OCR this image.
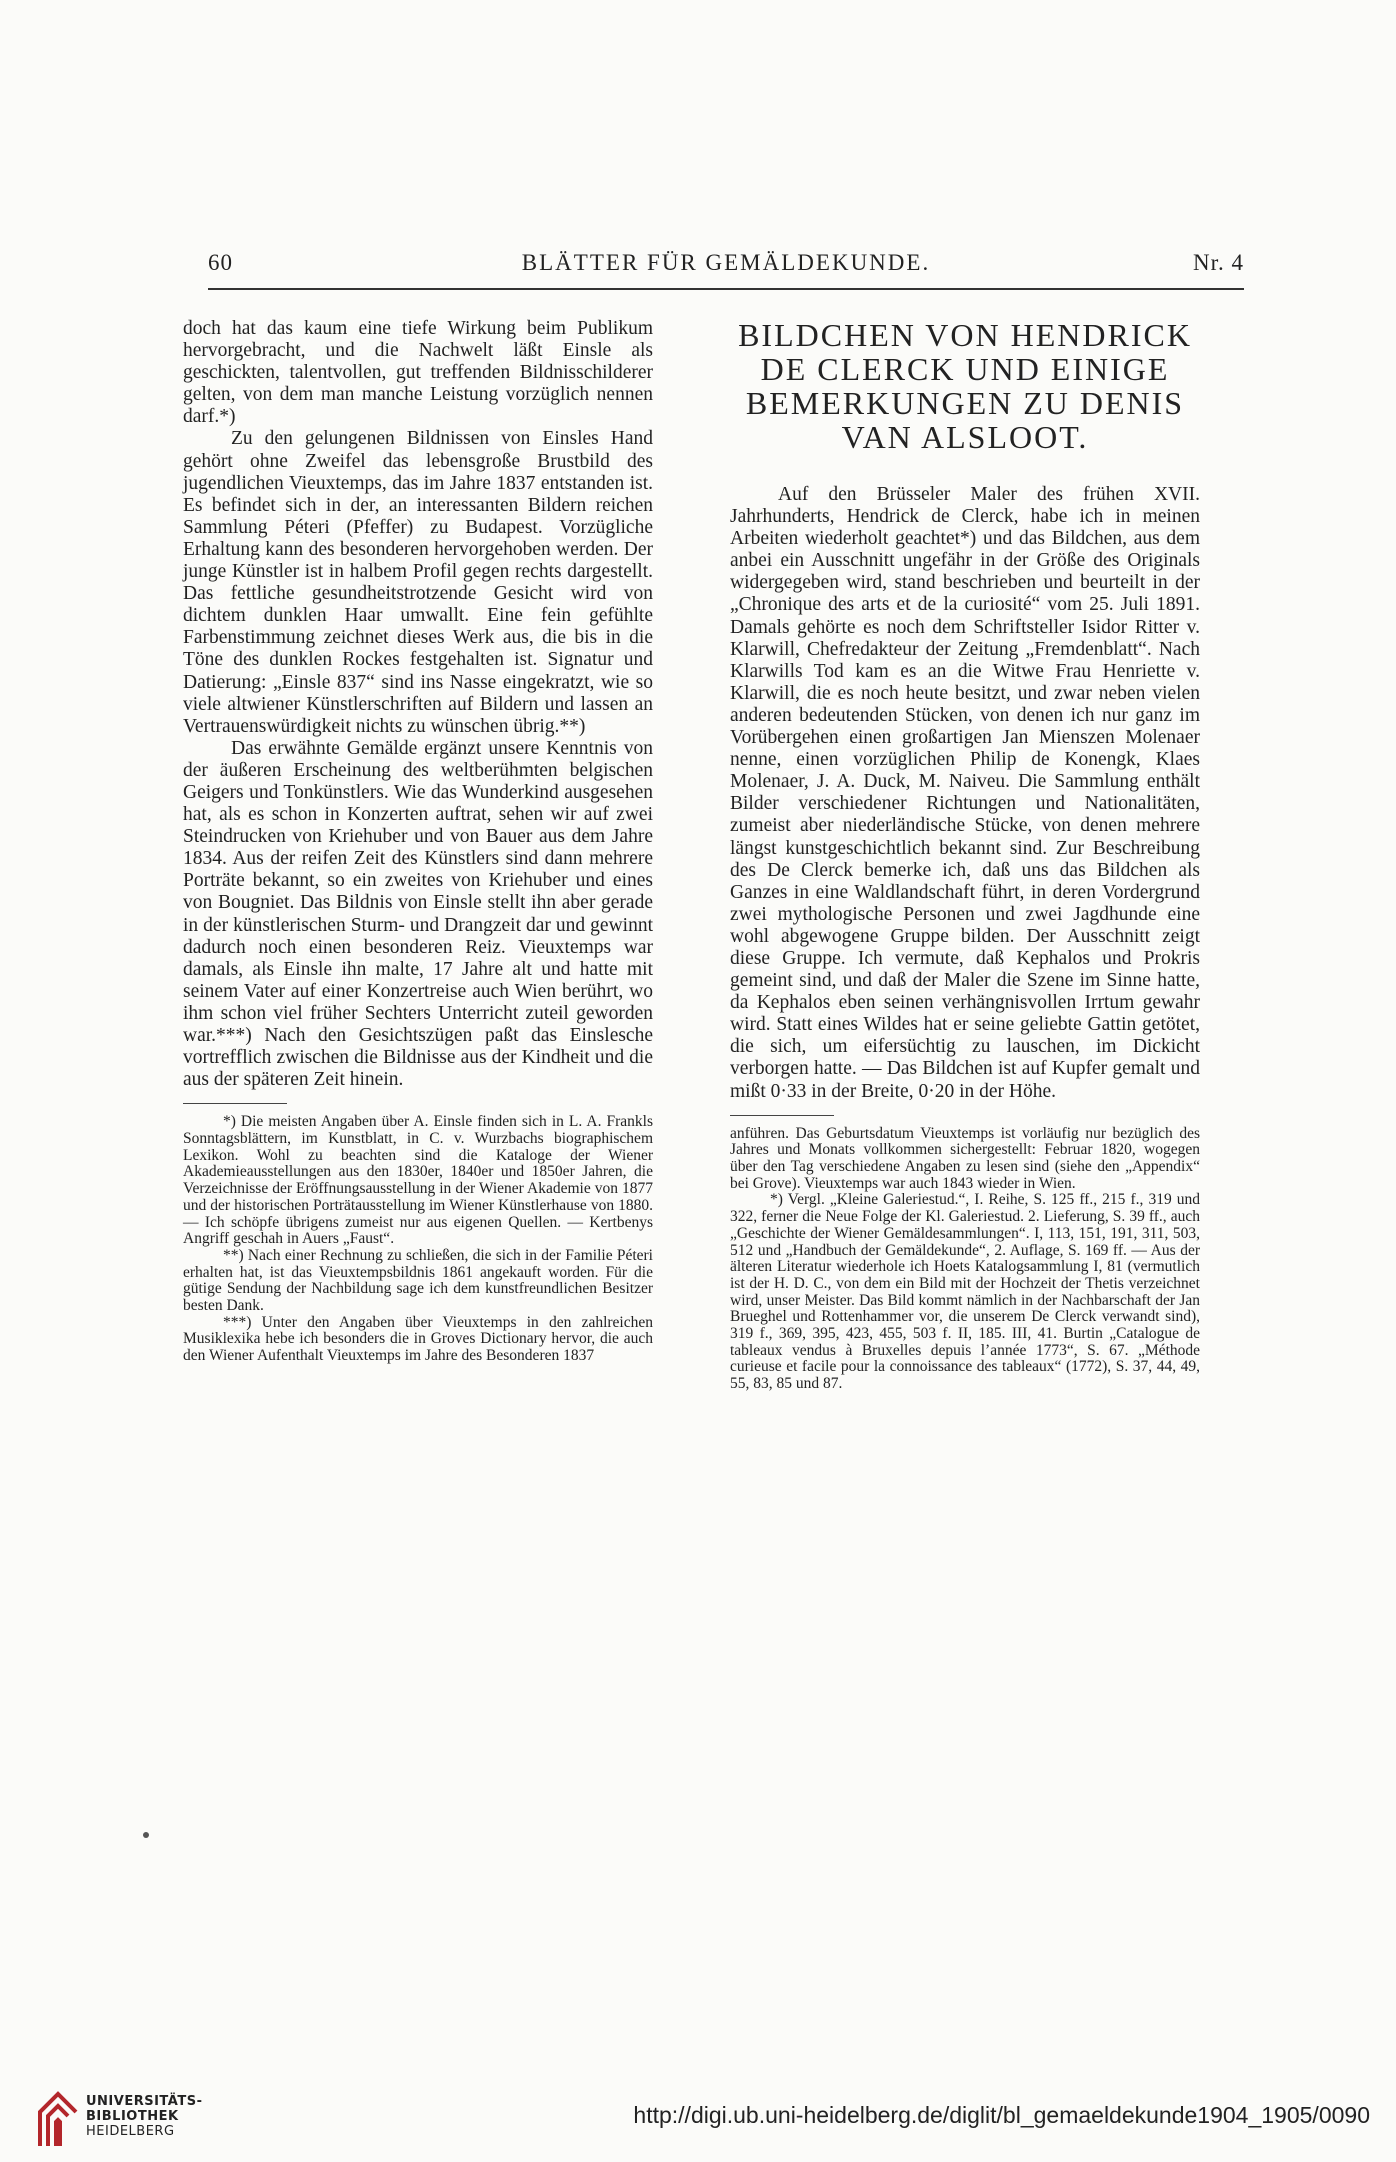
60	BLÄTTER FÜR GEMÄLDEKUNDE.	Nr. 4

doch hat das kaum eine tiefe Wirkung beim Publikum hervorgebracht, und die Nachwelt läßt Einsle als geschickten, talentvollen, gut treffenden Bildnisschilderer gelten, von dem man manche Leistung vorzüglich nennen darf.*)

Zu den gelungenen Bildnissen von Einsles Hand gehört ohne Zweifel das lebensgroße Brustbild des jugendlichen Vieuxtemps, das im Jahre 1837 entstanden ist. Es befindet sich in der, an interessanten Bildern reichen Sammlung Péteri (Pfeffer) zu Budapest. Vorzügliche Erhaltung kann des besonderen hervorgehoben werden. Der junge Künstler ist in halbem Profil gegen rechts dargestellt. Das fettliche gesundheitstrotzende Gesicht wird von dichtem dunklen Haar umwallt. Eine fein gefühlte Farbenstimmung zeichnet dieses Werk aus, die bis in die Töne des dunklen Rockes festgehalten ist. Signatur und Datierung: „Einsle 837“ sind ins Nasse eingekratzt, wie so viele altwiener Künstlerschriften auf Bildern und lassen an Vertrauenswürdigkeit nichts zu wünschen übrig.**)

Das erwähnte Gemälde ergänzt unsere Kenntnis von der äußeren Erscheinung des weltberühmten belgischen Geigers und Tonkünstlers. Wie das Wunderkind ausgesehen hat, als es schon in Konzerten auftrat, sehen wir auf zwei Steindrucken von Kriehuber und von Bauer aus dem Jahre 1834. Aus der reifen Zeit des Künstlers sind dann mehrere Porträte bekannt, so ein zweites von Kriehuber und eines von Bougniet. Das Bildnis von Einsle stellt ihn aber gerade in der künstlerischen Sturm- und Drangzeit dar und gewinnt dadurch noch einen besonderen Reiz. Vieuxtemps war damals, als Einsle ihn malte, 17 Jahre alt und hatte mit seinem Vater auf einer Konzertreise auch Wien berührt, wo ihm schon viel früher Sechters Unterricht zuteil geworden war.***) Nach den Gesichtszügen paßt das Einslesche vortrefflich zwischen die Bildnisse aus der Kindheit und die aus der späteren Zeit hinein.

*) Die meisten Angaben über A. Einsle finden sich in L. A. Frankls Sonntagsblättern, im Kunstblatt, in C. v. Wurzbachs biographischem Lexikon. Wohl zu beachten sind die Kataloge der Wiener Akademieausstellungen aus den 1830er, 1840er und 1850er Jahren, die Verzeichnisse der Eröffnungsausstellung in der Wiener Akademie von 1877 und der historischen Porträtausstellung im Wiener Künstlerhause von 1880. — Ich schöpfe übrigens zumeist nur aus eigenen Quellen. — Kertbenys Angriff geschah in Auers „Faust“.

**) Nach einer Rechnung zu schließen, die sich in der Familie Péteri erhalten hat, ist das Vieuxtempsbildnis 1861 angekauft worden. Für die gütige Sendung der Nachbildung sage ich dem kunstfreundlichen Besitzer besten Dank.

***) Unter den Angaben über Vieuxtemps in den zahlreichen Musiklexika hebe ich besonders die in Groves Dictionary hervor, die auch den Wiener Aufenthalt Vieuxtemps im Jahre des Besonderen 1837

BILDCHEN VON HENDRICK DE CLERCK UND EINIGE BEMERKUNGEN ZU DENIS VAN ALSLOOT.

Auf den Brüsseler Maler des frühen XVII. Jahrhunderts, Hendrick de Clerck, habe ich in meinen Arbeiten wiederholt geachtet*) und das Bildchen, aus dem anbei ein Ausschnitt ungefähr in der Größe des Originals widergegeben wird, stand beschrieben und beurteilt in der „Chronique des arts et de la curiosité“ vom 25. Juli 1891. Damals gehörte es noch dem Schriftsteller Isidor Ritter v. Klarwill, Chefredakteur der Zeitung „Fremdenblatt“. Nach Klarwills Tod kam es an die Witwe Frau Henriette v. Klarwill, die es noch heute besitzt, und zwar neben vielen anderen bedeutenden Stücken, von denen ich nur ganz im Vorübergehen einen großartigen Jan Mienszen Molenaer nenne, einen vorzüglichen Philip de Konengk, Klaes Molenaer, J. A. Duck, M. Naiveu. Die Sammlung enthält Bilder verschiedener Richtungen und Nationalitäten, zumeist aber niederländische Stücke, von denen mehrere längst kunstgeschichtlich bekannt sind. Zur Beschreibung des De Clerck bemerke ich, daß uns das Bildchen als Ganzes in eine Waldlandschaft führt, in deren Vordergrund zwei mythologische Personen und zwei Jagdhunde eine wohl abgewogene Gruppe bilden. Der Ausschnitt zeigt diese Gruppe. Ich vermute, daß Kephalos und Prokris gemeint sind, und daß der Maler die Szene im Sinne hatte, da Kephalos eben seinen verhängnisvollen Irrtum gewahr wird. Statt eines Wildes hat er seine geliebte Gattin getötet, die sich, um eifersüchtig zu lauschen, im Dickicht verborgen hatte. — Das Bildchen ist auf Kupfer gemalt und mißt 0·33 in der Breite, 0·20 in der Höhe.

anführen. Das Geburtsdatum Vieuxtemps ist vorläufig nur bezüglich des Jahres und Monats vollkommen sichergestellt: Februar 1820, wogegen über den Tag verschiedene Angaben zu lesen sind (siehe den „Appendix“ bei Grove). Vieuxtemps war auch 1843 wieder in Wien.

*) Vergl. „Kleine Galeriestud.“, I. Reihe, S. 125 ff., 215 f., 319 und 322, ferner die Neue Folge der Kl. Galeriestud. 2. Lieferung, S. 39 ff., auch „Geschichte der Wiener Gemäldesammlungen“. I, 113, 151, 191, 311, 503, 512 und „Handbuch der Gemäldekunde“, 2. Auflage, S. 169 ff. — Aus der älteren Literatur wiederhole ich Hoets Katalogsammlung I, 81 (vermutlich ist der H. D. C., von dem ein Bild mit der Hochzeit der Thetis verzeichnet wird, unser Meister. Das Bild kommt nämlich in der Nachbarschaft der Jan Brueghel und Rottenhammer vor, die unserem De Clerck verwandt sind), 319 f., 369, 395, 423, 455, 503 f. II, 185. III, 41. Burtin „Catalogue de tableaux vendus à Bruxelles depuis l’année 1773“, S. 67. „Méthode curieuse et facile pour la connoissance des tableaux“ (1772), S. 37, 44, 49, 55, 83, 85 und 87.

UNIVERSITÄTS-
BIBLIOTHEK
HEIDELBERG
http://digi.ub.uni-heidelberg.de/diglit/bl_gemaeldekunde1904_1905/0090
